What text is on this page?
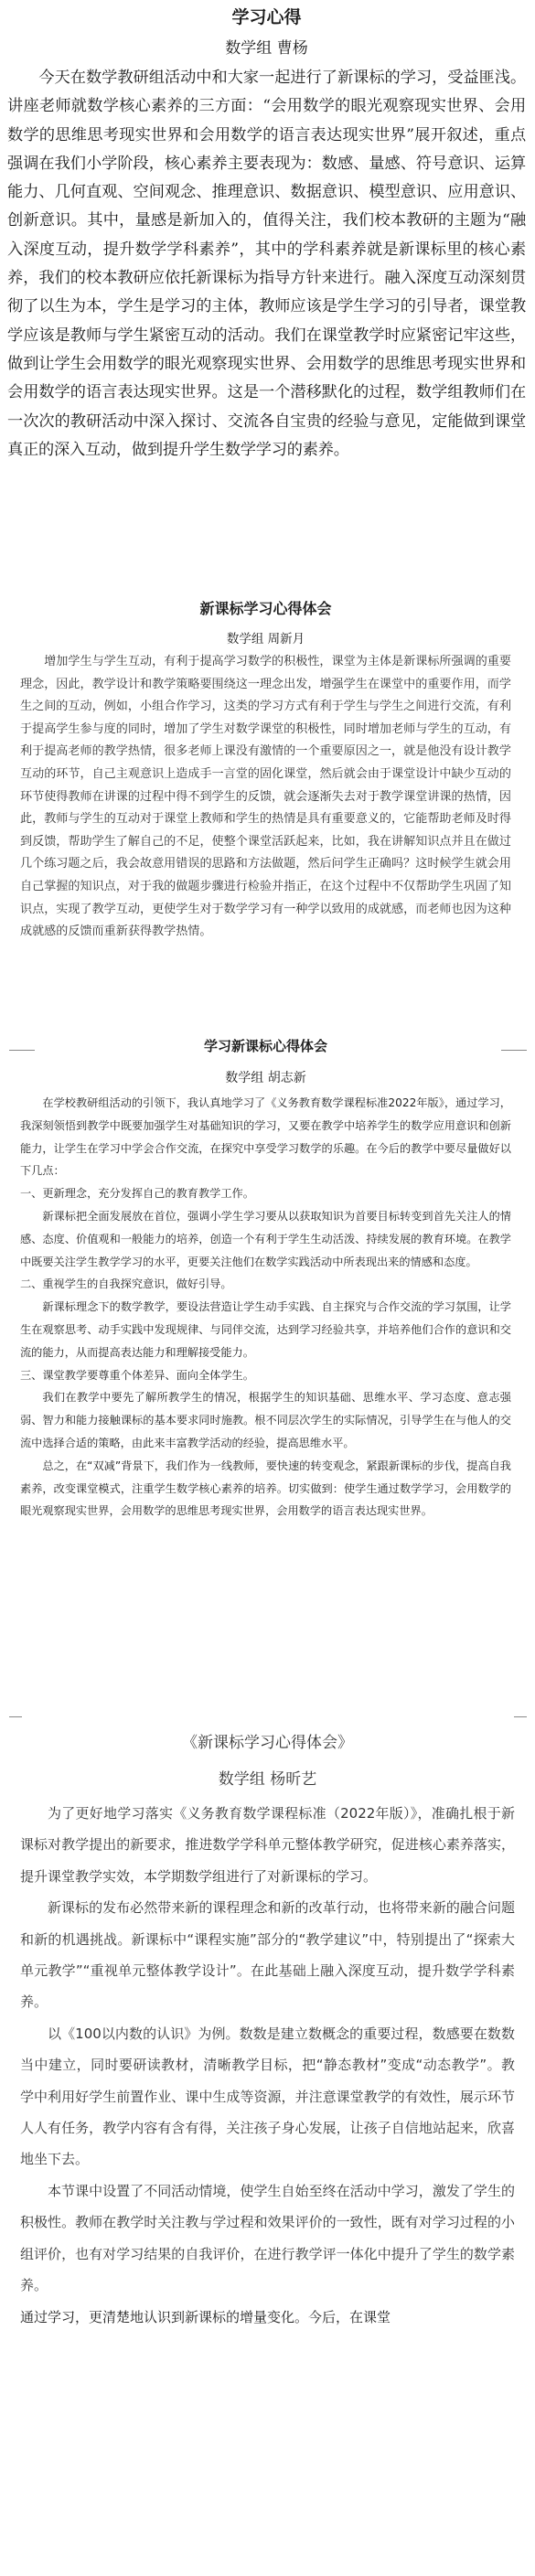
学习心得
数学组 曹杨

今天在数学教研组活动中和大家一起进行了新课标的学习，受益匪浅。讲座老师就数学核心素养的三方面：“会用数学的眼光观察现实世界、会用数学的思维思考现实世界和会用数学的语言表达现实世界”展开叙述，重点强调在我们小学阶段，核心素养主要表现为：数感、量感、符号意识、运算能力、几何直观、空间观念、推理意识、数据意识、模型意识、应用意识、创新意识。其中，量感是新加入的，值得关注，我们校本教研的主题为“融入深度互动，提升数学学科素养”，其中的学科素养就是新课标里的核心素养，我们的校本教研应依托新课标为指导方针来进行。融入深度互动深刻贯彻了以生为本，学生是学习的主体，教师应该是学生学习的引导者，课堂教学应该是教师与学生紧密互动的活动。我们在课堂教学时应紧密记牢这些，做到让学生会用数学的眼光观察现实世界、会用数学的思维思考现实世界和会用数学的语言表达现实世界。这是一个潜移默化的过程，数学组教师们在一次次的教研活动中深入探讨、交流各自宝贵的经验与意见，定能做到课堂真正的深入互动，做到提升学生数学学习的素养。

新课标学习心得体会
数学组 周新月

增加学生与学生互动，有利于提高学习数学的积极性，课堂为主体是新课标所强调的重要理念，因此，教学设计和教学策略要围绕这一理念出发，增强学生在课堂中的重要作用，而学生之间的互动，例如，小组合作学习，这类的学习方式有利于学生与学生之间进行交流，有利于提高学生参与度的同时，增加了学生对数学课堂的积极性，同时增加老师与学生的互动，有利于提高老师的教学热情，很多老师上课没有激情的一个重要原因之一，就是他没有设计教学互动的环节，自己主观意识上造成手一言堂的固化课堂，然后就会由于课堂设计中缺少互动的环节使得教师在讲课的过程中得不到学生的反馈，就会逐渐失去对于教学课堂讲课的热情，因此，教师与学生的互动对于课堂上教师和学生的热情是具有重要意义的，它能帮助老师及时得到反馈，帮助学生了解自己的不足，使整个课堂活跃起来，比如，我在讲解知识点并且在做过几个练习题之后，我会故意用错误的思路和方法做题，然后问学生正确吗？这时候学生就会用自己掌握的知识点，对于我的做题步骤进行检验并指正，在这个过程中不仅帮助学生巩固了知识点，实现了教学互动，更使学生对于数学学习有一种学以致用的成就感，而老师也因为这种成就感的反馈而重新获得教学热情。

学习新课标心得体会
数学组 胡志新

在学校教研组活动的引领下，我认真地学习了《义务教育数学课程标准2022年版》，通过学习，我深刻领悟到教学中既要加强学生对基础知识的学习，又要在教学中培养学生的数学应用意识和创新能力，让学生在学习中学会合作交流，在探究中享受学习数学的乐趣。在今后的教学中要尽量做好以下几点：

一、更新理念，充分发挥自己的教育教学工作。

新课标把全面发展放在首位，强调小学生学习要从以获取知识为首要目标转变到首先关注人的情感、态度、价值观和一般能力的培养，创造一个有利于学生生动活泼、持续发展的教育环境。在教学中既要关注学生教学学习的水平，更要关注他们在数学实践活动中所表现出来的情感和态度。

二、重视学生的自我探究意识，做好引导。

新课标理念下的数学教学，要设法营造让学生动手实践、自主探究与合作交流的学习氛围，让学生在观察思考、动手实践中发现规律、与同伴交流，达到学习经验共享，并培养他们合作的意识和交流的能力，从而提高表达能力和理解接受能力。

三、课堂教学要尊重个体差异、面向全体学生。

我们在教学中要先了解所教学生的情况，根据学生的知识基础、思维水平、学习态度、意志强弱、智力和能力接触课标的基本要求同时施教。根不同层次学生的实际情况，引导学生在与他人的交流中选择合适的策略，由此来丰富教学活动的经验，提高思维水平。

总之，在“双减”背景下，我们作为一线教师，要快速的转变观念，紧跟新课标的步伐，提高自我素养，改变课堂模式，注重学生数学核心素养的培养。切实做到：使学生通过数学学习，会用数学的眼光观察现实世界，会用数学的思维思考现实世界，会用数学的语言表达现实世界。

《新课标学习心得体会》
数学组 杨昕艺

为了更好地学习落实《义务教育数学课程标准（2022年版）》，准确扎根于新课标对教学提出的新要求，推进数学学科单元整体教学研究，促进核心素养落实，提升课堂教学实效，本学期数学组进行了对新课标的学习。

新课标的发布必然带来新的课程理念和新的改革行动，也将带来新的融合问题和新的机遇挑战。新课标中“课程实施”部分的“教学建议”中，特别提出了“探索大单元教学”“重视单元整体教学设计”。在此基础上融入深度互动，提升数学学科素养。

以《100以内数的认识》为例。数数是建立数概念的重要过程，数感要在数数当中建立，同时要研读教材，清晰教学目标，把“静态教材”变成“动态教学”。教学中利用好学生前置作业、课中生成等资源，并注意课堂教学的有效性，展示环节人人有任务，教学内容有含有得，关注孩子身心发展，让孩子自信地站起来，欣喜地坐下去。

本节课中设置了不同活动情境，使学生自始至终在活动中学习，激发了学生的积极性。教师在教学时关注教与学过程和效果评价的一致性，既有对学习过程的小组评价，也有对学习结果的自我评价，在进行教学评一体化中提升了学生的数学素养。

通过学习，更清楚地认识到新课标的增量变化。今后，在课堂
